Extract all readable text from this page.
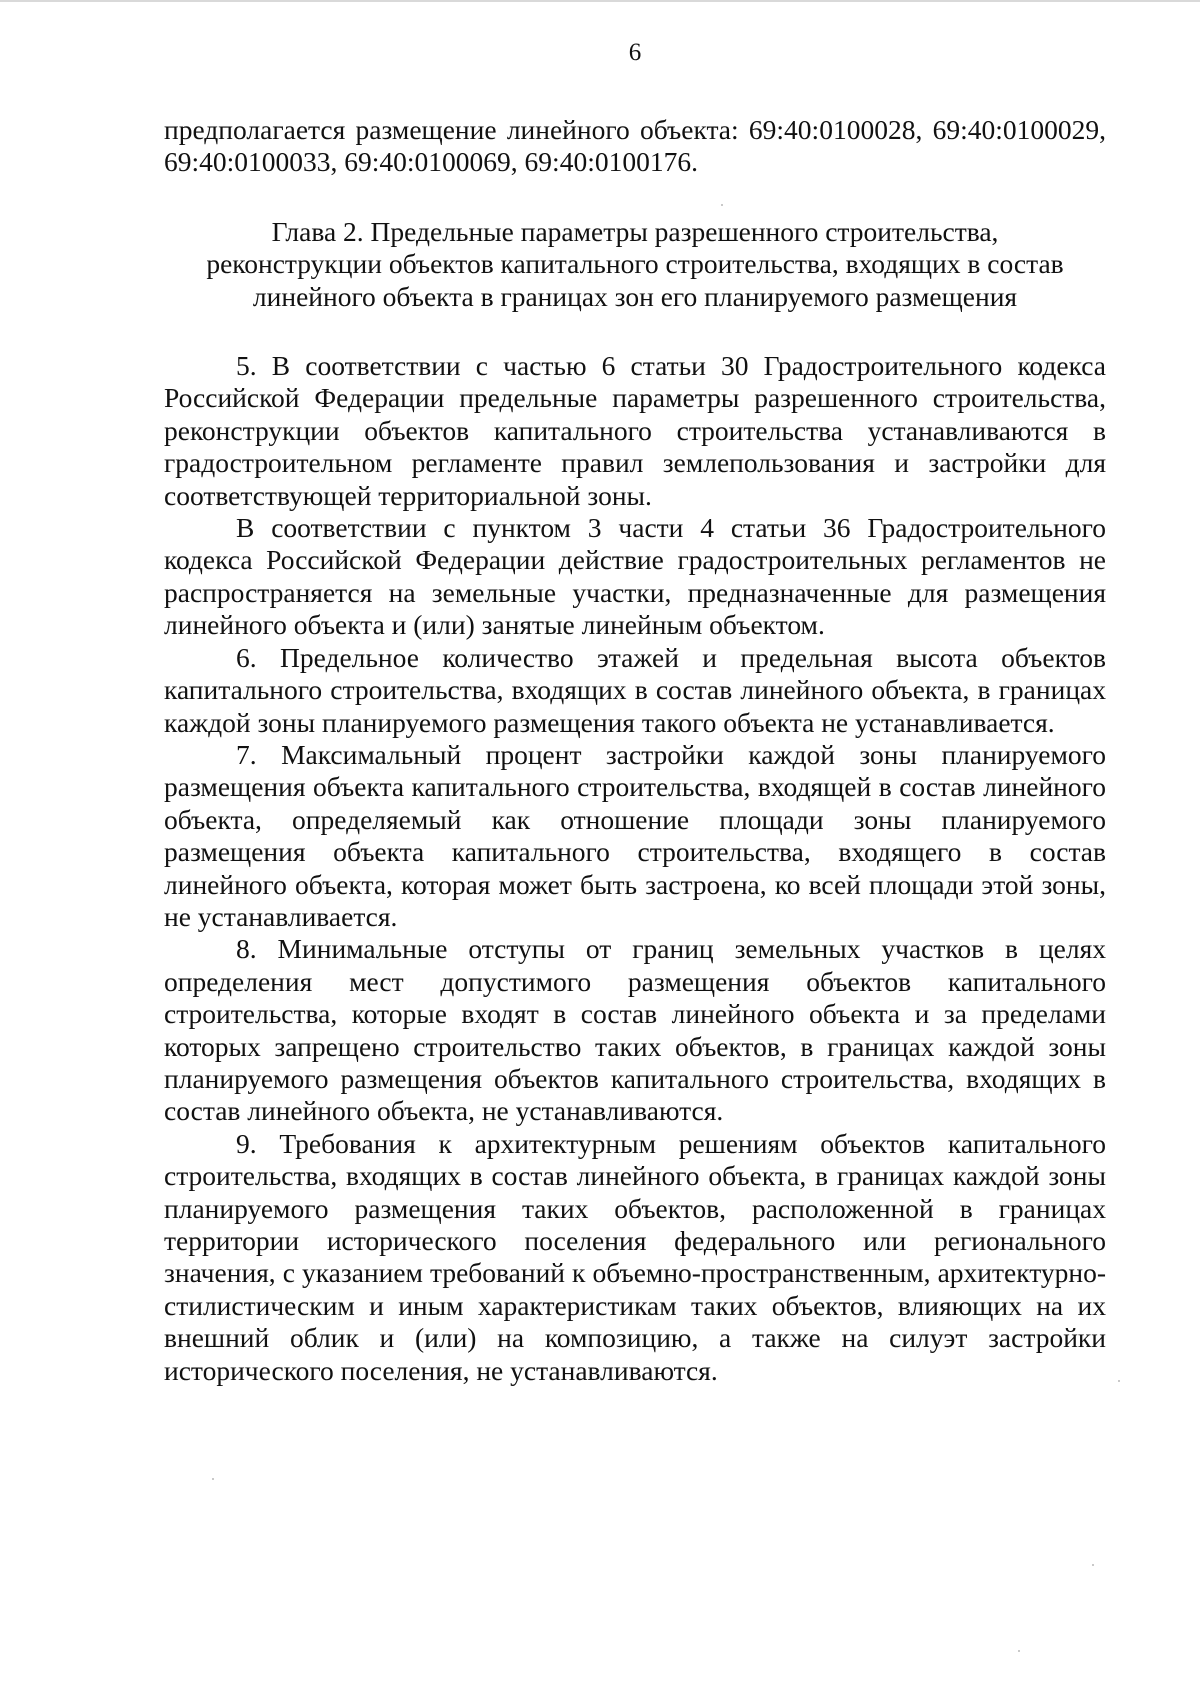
6

предполагается размещение линейного объекта: 69:40:0100028, 69:40:0100029, 69:40:0100033, 69:40:0100069, 69:40:0100176.

Глава 2. Предельные параметры разрешенного строительства,
реконструкции объектов капитального строительства, входящих в состав
линейного объекта в границах зон его планируемого размещения

5. В соответствии с частью 6 статьи 30 Градостроительного кодекса Российской Федерации предельные параметры разрешенного строительства, реконструкции объектов капитального строительства устанавливаются в градостроительном регламенте правил землепользования и застройки для соответствующей территориальной зоны.

В соответствии с пунктом 3 части 4 статьи 36 Градостроительного кодекса Российской Федерации действие градостроительных регламентов не распространяется на земельные участки, предназначенные для размещения линейного объекта и (или) занятые линейным объектом.

6. Предельное количество этажей и предельная высота объектов капитального строительства, входящих в состав линейного объекта, в границах каждой зоны планируемого размещения такого объекта не устанавливается.

7. Максимальный процент застройки каждой зоны планируемого размещения объекта капитального строительства, входящей в состав линейного объекта, определяемый как отношение площади зоны планируемого размещения объекта капитального строительства, входящего в состав линейного объекта, которая может быть застроена, ко всей площади этой зоны, не устанавливается.

8. Минимальные отступы от границ земельных участков в целях определения мест допустимого размещения объектов капитального строительства, которые входят в состав линейного объекта и за пределами которых запрещено строительство таких объектов, в границах каждой зоны планируемого размещения объектов капитального строительства, входящих в состав линейного объекта, не устанавливаются.

9. Требования к архитектурным решениям объектов капитального строительства, входящих в состав линейного объекта, в границах каждой зоны планируемого размещения таких объектов, расположенной в границах территории исторического поселения федерального или регионального значения, с указанием требований к объемно-пространственным, архитектурно-стилистическим и иным характеристикам таких объектов, влияющих на их внешний облик и (или) на композицию, а также на силуэт застройки исторического поселения, не устанавливаются.
